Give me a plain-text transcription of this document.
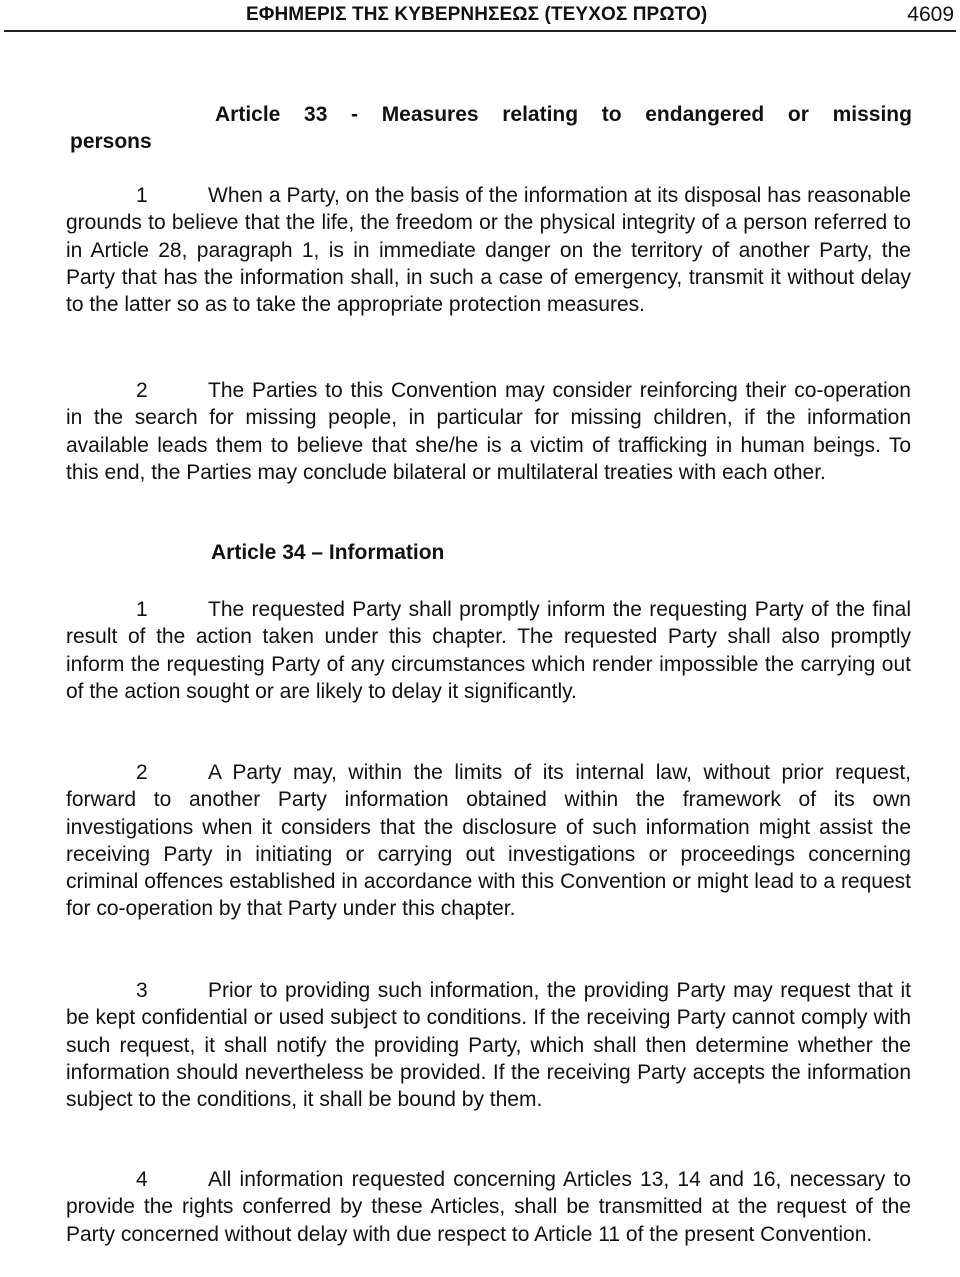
ΕΦΗΜΕΡΙΣ ΤΗΣ ΚΥΒΕΡΝΗΣΕΩΣ (ΤΕΥΧΟΣ ΠΡΩΤΟ)	4609
Article 33 - Measures relating to endangered or missing
persons
1	When a Party, on the basis of the information at its disposal has reasonable grounds to believe that the life, the freedom or the physical integrity of a person referred to in Article 28, paragraph 1, is in immediate danger on the territory of another Party, the Party that has the information shall, in such a case of emergency, transmit it without delay to the latter so as to take the appropriate protection measures.
2	The Parties to this Convention may consider reinforcing their co-operation in the search for missing people, in particular for missing children, if the information available leads them to believe that she/he is a victim of trafficking in human beings. To this end, the Parties may conclude bilateral or multilateral treaties with each other.
Article 34 – Information
1	The requested Party shall promptly inform the requesting Party of the final result of the action taken under this chapter. The requested Party shall also promptly inform the requesting Party of any circumstances which render impossible the carrying out of the action sought or are likely to delay it significantly.
2	A Party may, within the limits of its internal law, without prior request, forward to another Party information obtained within the framework of its own investigations when it considers that the disclosure of such information might assist the receiving Party in initiating or carrying out investigations or proceedings concerning criminal offences established in accordance with this Convention or might lead to a request for co-operation by that Party under this chapter.
3	Prior to providing such information, the providing Party may request that it be kept confidential or used subject to conditions. If the receiving Party cannot comply with such request, it shall notify the providing Party, which shall then determine whether the information should nevertheless be provided. If the receiving Party accepts the information subject to the conditions, it shall be bound by them.
4	All information requested concerning Articles 13, 14 and 16, necessary to provide the rights conferred by these Articles, shall be transmitted at the request of the Party concerned without delay with due respect to Article 11 of the present Convention.
